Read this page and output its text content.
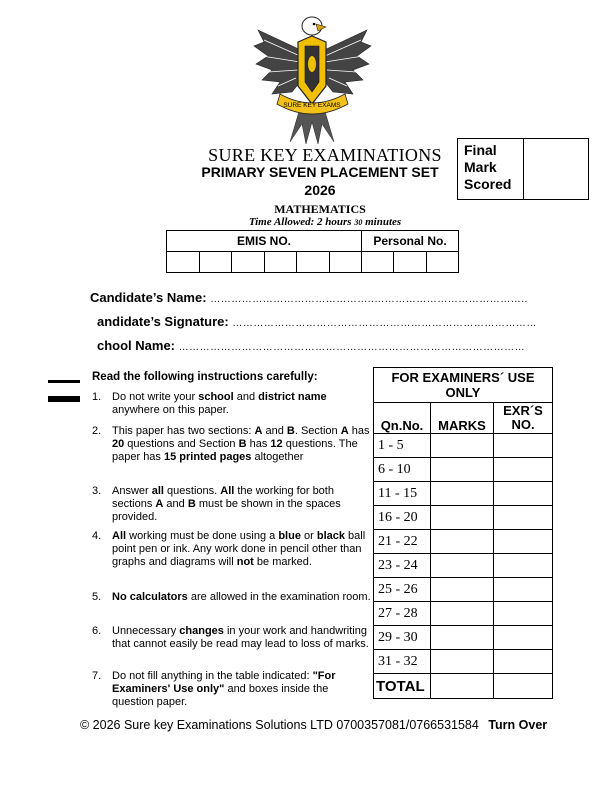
SURE KEY EXAMS
Final
Mark
Scored
SURE KEY EXAMINATIONS
PRIMARY SEVEN PLACEMENT SET
2026
MATHEMATICS
Time Allowed: 2 hours 30 minutes
EMIS NO.						Personal No.		

Candidate’s Name: ………………………………………..……………………………………..
andidate’s Signature: ……………………………………………………………………………
chool Name: ………………………………………………………………………………………
Read the following instructions carefully:
1. Do not write your school and district name anywhere on this paper.
2. This paper has two sections: A and B. Section A has 20 questions and Section B has 12 questions. The paper has 15 printed pages altogether
3. Answer all questions. All the working for both sections A and B must be shown in the spaces provided.
4. All working must be done using a blue or black ball point pen or ink. Any work done in pencil other than graphs and diagrams will not be marked.
5. No calculators are allowed in the examination room.
6. Unnecessary changes in your work and handwriting that cannot easily be read may lead to loss of marks.
7. Do not fill anything in the table indicated: "For Examiners' Use only" and boxes inside the question paper.
FOR EXAMINERS´ USE ONLY		
Qn.No.	MARKS	EXR´S NO.
1 - 5		
6 - 10		
11 - 15		
16 - 20		
21 - 22		
23 - 24		
25 - 26		
27 - 28		
29 - 30		
31 - 32		
TOTAL		
© 2026 Sure key Examinations Solutions LTD 0700357081/0766531584 Turn Over
